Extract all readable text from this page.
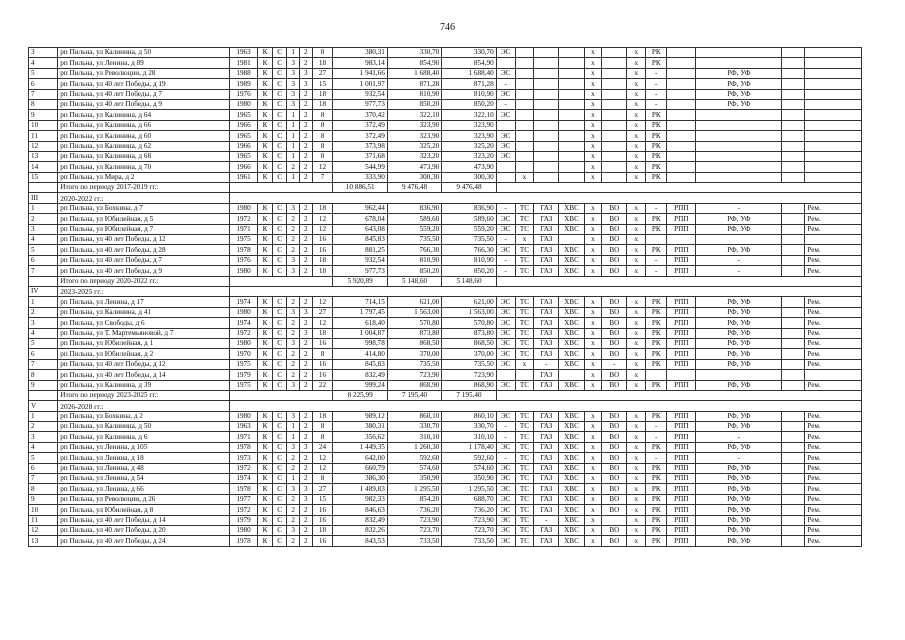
746
3	рп Пильна, ул Калинина, д 50	1963	К	С	1	2	8	380,31	330,70	330,70	ЭС				x		x	РК				
4	рп Пильна, ул Ленина, д 89	1981	К	С	3	2	18	983,14	854,90	854,90					x		x	РК				
5	рп Пильна, ул Революции, д 28	1988	К	С	3	3	27	1 941,66	1 688,40	1 688,40	ЭС				x		x	-		РФ, УФ		
6	рп Пильна, ул 40 лет Победы, д 19	1989	К	С	3	3	15	1 001,97	871,28	871,28	-				x		x	-		РФ, УФ		
7	рп Пильна, ул 40 лет Победы, д 7	1976	К	С	3	2	18	932,54	810,90	810,90	ЭС				x		x	-		РФ, УФ		
8	рп Пильна, ул 40 лет Победы, д 9	1980	К	С	3	2	18	977,73	850,20	850,20	-				x		x	-		РФ, УФ		
9	рп Пильна, ул Калинина, д 64	1965	К	С	1	2	8	370,42	322,10	322,10	ЭС				x		x	РК				
10	рп Пильна, ул Калинина, д 66	1966	К	С	1	2	8	372,49	323,90	323,90					x		x	РК				
11	рп Пильна, ул Калинина, д 60	1965	К	С	1	2	8	372,49	323,90	323,90	ЭС				x		x	РК				
12	рп Пильна, ул Калинина, д 62	1966	К	С	1	2	8	373,98	325,20	325,20	ЭС				x		x	РК				
13	рп Пильна, ул Калинина, д 68	1965	К	С	1	2	8	371,68	323,20	323,20	ЭС				x		x	РК				
14	рп Пильна, ул Калинина, д 70	1966	К	С	2	2	12	544,99	473,90	473,90					x		x	РК				
15	рп Пильна, ул Мира, д 2	1961	К	С	1	2	7	333,90	300,30	300,30		x			x		x	РК				
	Итого по периоду 2017-2019 гг.:							10 886,51	9 476,48	9 476,48												
III	2020-2022 гг.:																					
1	рп Пильна, ул Бохкина, д 7	1980	К	С	3	2	18	962,44	836,90	836,90	-	ТС	ГАЗ	ХВС	x	ВО	x	-	РПП	-		Рем.
2	рп Пильна, ул Юбилейная, д 5	1972	К	С	2	2	12	678,04	589,60	589,60	ЭС	ТС	ГАЗ	ХВС	x	ВО	x	РК	РПП	РФ, УФ		Рем.
3	рп Пильна, ул Юбилейная, д 7	1971	К	С	2	2	12	643,08	559,20	559,20	ЭС	ТС	ГАЗ	ХВС	x	ВО	x	РК	РПП	РФ, УФ		Рем.
4	рп Пильна, ул 40 лет Победы, д 12	1975	К	С	2	2	16	845,83	735,50	735,50	-	x	ГАЗ		x	ВО	x					
5	рп Пильна, ул 40 лет Победы, д 28	1978	К	С	2	2	16	881,25	766,30	766,30	ЭС	ТС	ГАЗ	ХВС	x	ВО	x	РК	РПП	РФ, УФ		Рем.
6	рп Пильна, ул 40 лет Победы, д 7	1976	К	С	3	2	18	932,54	810,90	810,90	-	ТС	ГАЗ	ХВС	x	ВО	x	-	РПП	-		Рем.
7	рп Пильна, ул 40 лет Победы, д 9	1980	К	С	3	2	18	977,73	850,20	850,20	-	ТС	ГАЗ	ХВС	x	ВО	x	-	РПП	-		Рем.
	Итого по периоду 2020-2022 гг.:							5 920,89	5 148,60	5 148,60												
IV	2023-2025 гг.:																					
1	рп Пильна, ул Ленина, д 17	1974	К	С	2	2	12	714,15	621,00	621,00	ЭС	ТС	ГАЗ	ХВС	x	ВО	x	РК	РПП	РФ, УФ		Рем.
2	рп Пильна, ул Калинина, д 41	1980	К	С	3	3	27	1 797,45	1 563,00	1 563,00	ЭС	ТС	ГАЗ	ХВС	x	ВО	x	РК	РПП	РФ, УФ		Рем.
3	рп Пильна, ул Свободы, д 6	1974	К	С	2	2	12	618,40	570,80	570,80	ЭС	ТС	ГАЗ	ХВС	x	ВО	x	РК	РПП	РФ, УФ		Рем.
4	рп Пильна, ул Т. Мартемьяновой, д 7	1972	К	С	2	3	18	1 004,87	873,80	873,80	ЭС	ТС	ГАЗ	ХВС	x	ВО	x	РК	РПП	РФ, УФ		Рем.
5	рп Пильна, ул Юбилейная, д 1	1980	К	С	3	2	16	998,78	868,50	868,50	ЭС	ТС	ГАЗ	ХВС	x	ВО	x	РК	РПП	РФ, УФ		Рем.
6	рп Пильна, ул Юбилейная, д 2	1970	К	С	2	2	8	414,80	370,00	370,00	ЭС	ТС	ГАЗ	ХВС	x	ВО	x	РК	РПП	РФ, УФ		Рем.
7	рп Пильна, ул 40 лет Победы, д 12	1975	К	С	2	2	16	845,83	735,50	735,50	ЭС	x	-	ХВС	x	-	x	РК	РПП	РФ, УФ		Рем.
8	рп Пильна, ул 40 лет Победы, д 14	1979	К	С	2	2	16	832,49	723,90	723,90			ГАЗ		x	ВО	x					
9	рп Пильна, ул Калинина, д 39	1975	К	С	3	2	22	999,24	868,90	868,90	ЭС	ТС	ГАЗ	ХВС	x	ВО	x	РК	РПП	РФ, УФ		Рем.
	Итого по периоду 2023-2025 гг.:							8 225,99	7 195,40	7 195,40												
V	2026-2028 гг.:																					
1	рп Пильна, ул Бохкина, д 2	1980	К	С	3	2	18	989,12	860,10	860,10	ЭС	ТС	ГАЗ	ХВС	x	ВО	x	РК	РПП	РФ, УФ		Рем.
2	рп Пильна, ул Калинина, д 50	1963	К	С	1	2	8	380,31	330,70	330,70	-	ТС	ГАЗ	ХВС	x	ВО	x	-	РПП	РФ, УФ		Рем.
3	рп Пильна, ул Калинина, д 6	1971	К	С	1	2	8	356,62	310,10	310,10	-	ТС	ГАЗ	ХВС	x	ВО	x	-	РПП	-		Рем.
4	рп Пильна, ул Ленина, д 105	1978	К	С	3	3	24	1 449,35	1 260,30	1 178,40	ЭС	ТС	ГАЗ	ХВС	x	ВО	x	РК	РПП	РФ, УФ		Рем.
5	рп Пильна, ул Ленина, д 18	1973	К	С	2	2	12	642,00	592,60	592,60	-	ТС	ГАЗ	ХВС	x	ВО	x	-	РПП	-		Рем.
6	рп Пильна, ул Ленина, д 48	1972	К	С	2	2	12	660,79	574,60	574,60	ЭС	ТС	ГАЗ	ХВС	x	ВО	x	РК	РПП	РФ, УФ		Рем.
7	рп Пильна, ул Ленина, д 54	1974	К	С	1	2	8	386,30	350,90	350,90	ЭС	ТС	ГАЗ	ХВС	x	ВО	x	РК	РПП	РФ, УФ		Рем.
8	рп Пильна, ул Ленина, д 66	1978	К	С	3	3	27	1 489,83	1 295,50	1 295,50	ЭС	ТС	ГАЗ	ХВС	x	ВО	x	РК	РПП	РФ, УФ		Рем.
9	рп Пильна, ул Революции, д 26	1977	К	С	2	3	15	982,33	854,20	688,70	ЭС	ТС	ГАЗ	ХВС	x	ВО	x	РК	РПП	РФ, УФ		Рем.
10	рп Пильна, ул Юбилейная, д 8	1972	К	С	2	2	16	846,63	736,20	736,20	ЭС	ТС	ГАЗ	ХВС	x	ВО	x	РК	РПП	РФ, УФ		Рем.
11	рп Пильна, ул 40 лет Победы, д 14	1979	К	С	2	2	16	832,49	723,90	723,90	ЭС	ТС	-	ХВС	x		x	РК	РПП	РФ, УФ		Рем.
12	рп Пильна, ул 40 лет Победы, д 20	1980	К	С	3	2	18	832,26	723,70	723,70	ЭС	ТС	ГАЗ	ХВС	x	ВО	x	РК	РПП	РФ, УФ		Рем.
13	рп Пильна, ул 40 лет Победы, д 24	1978	К	С	2	2	16	843,53	733,50	733,50	ЭС	ТС	ГАЗ	ХВС	x	ВО	x	РК	РПП	РФ, УФ		Рем.
